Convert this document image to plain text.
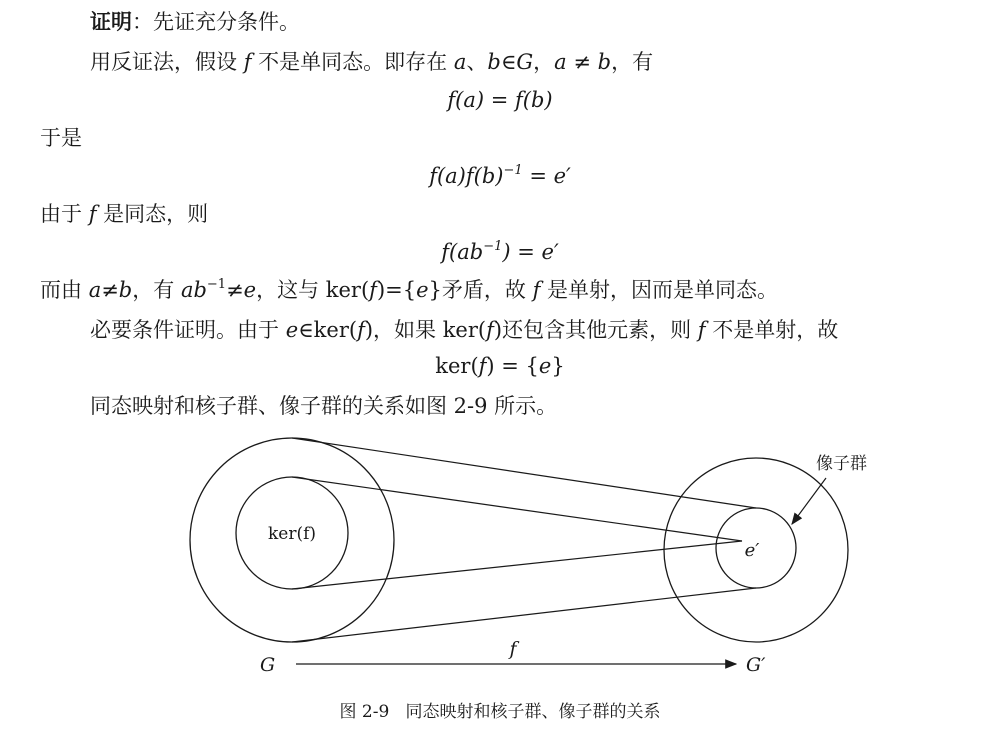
证明：先证充分条件。
用反证法，假设 f 不是单同态。即存在 a、b∈G，a ≠ b，有
f(a) = f(b)
于是
$f(a)f(b)^{-1} = e'$
由于 f 是同态，则
$f(ab^{-1}) = e'$
而由 a≠b，有 $ab^{-1}\ne e$，这与 ker(f)={e}矛盾，故 f 是单射，因而是单同态。
必要条件证明。由于 e∈ker(f)，如果 ker(f)还包含其他元素，则 f 不是单射，故
ker(f) = {e}
同态映射和核子群、像子群的关系如图 2-9 所示。
ker(f)
e′
像子群
G	G′
f
图 2-9 同态映射和核子群、像子群的关系
